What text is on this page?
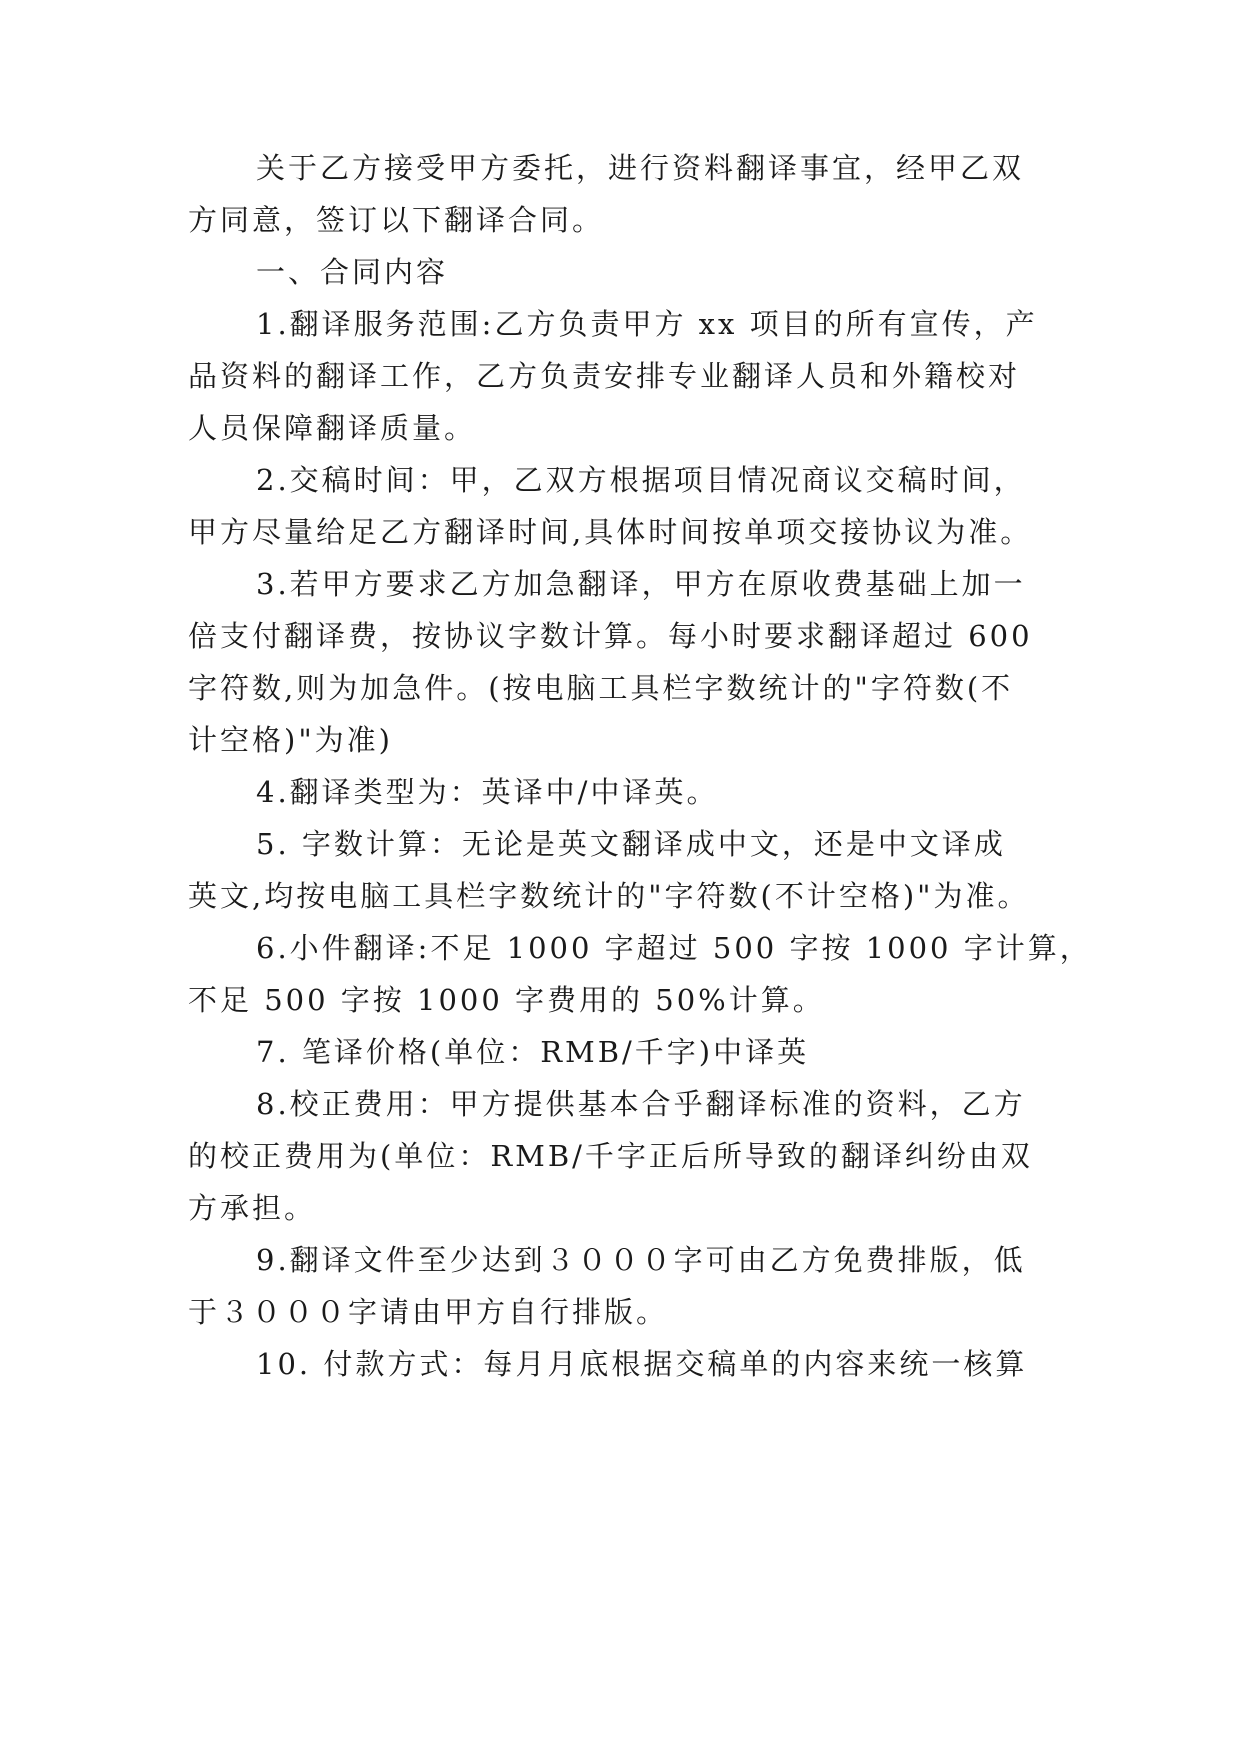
关于乙方接受甲方委托，进行资料翻译事宜，经甲乙双
方同意，签订以下翻译合同。
一、合同内容
1.翻译服务范围:乙方负责甲方 xx 项目的所有宣传，产
品资料的翻译工作，乙方负责安排专业翻译人员和外籍校对
人员保障翻译质量。
2.交稿时间：甲，乙双方根据项目情况商议交稿时间，
甲方尽量给足乙方翻译时间,具体时间按单项交接协议为准。
3.若甲方要求乙方加急翻译，甲方在原收费基础上加一
倍支付翻译费，按协议字数计算。每小时要求翻译超过 600
字符数,则为加急件。(按电脑工具栏字数统计的"字符数(不
计空格)"为准)
4.翻译类型为：英译中/中译英。
5. 字数计算：无论是英文翻译成中文，还是中文译成
英文,均按电脑工具栏字数统计的"字符数(不计空格)"为准。
6.小件翻译:不足 1000 字超过 500 字按 1000 字计算，
不足 500 字按 1000 字费用的 50%计算。
7. 笔译价格(单位：RMB/千字)中译英
8.校正费用：甲方提供基本合乎翻译标准的资料，乙方
的校正费用为(单位：RMB/千字正后所导致的翻译纠纷由双
方承担。
9.翻译文件至少达到３０００字可由乙方免费排版，低
于３０００字请由甲方自行排版。
10. 付款方式：每月月底根据交稿单的内容来统一核算
